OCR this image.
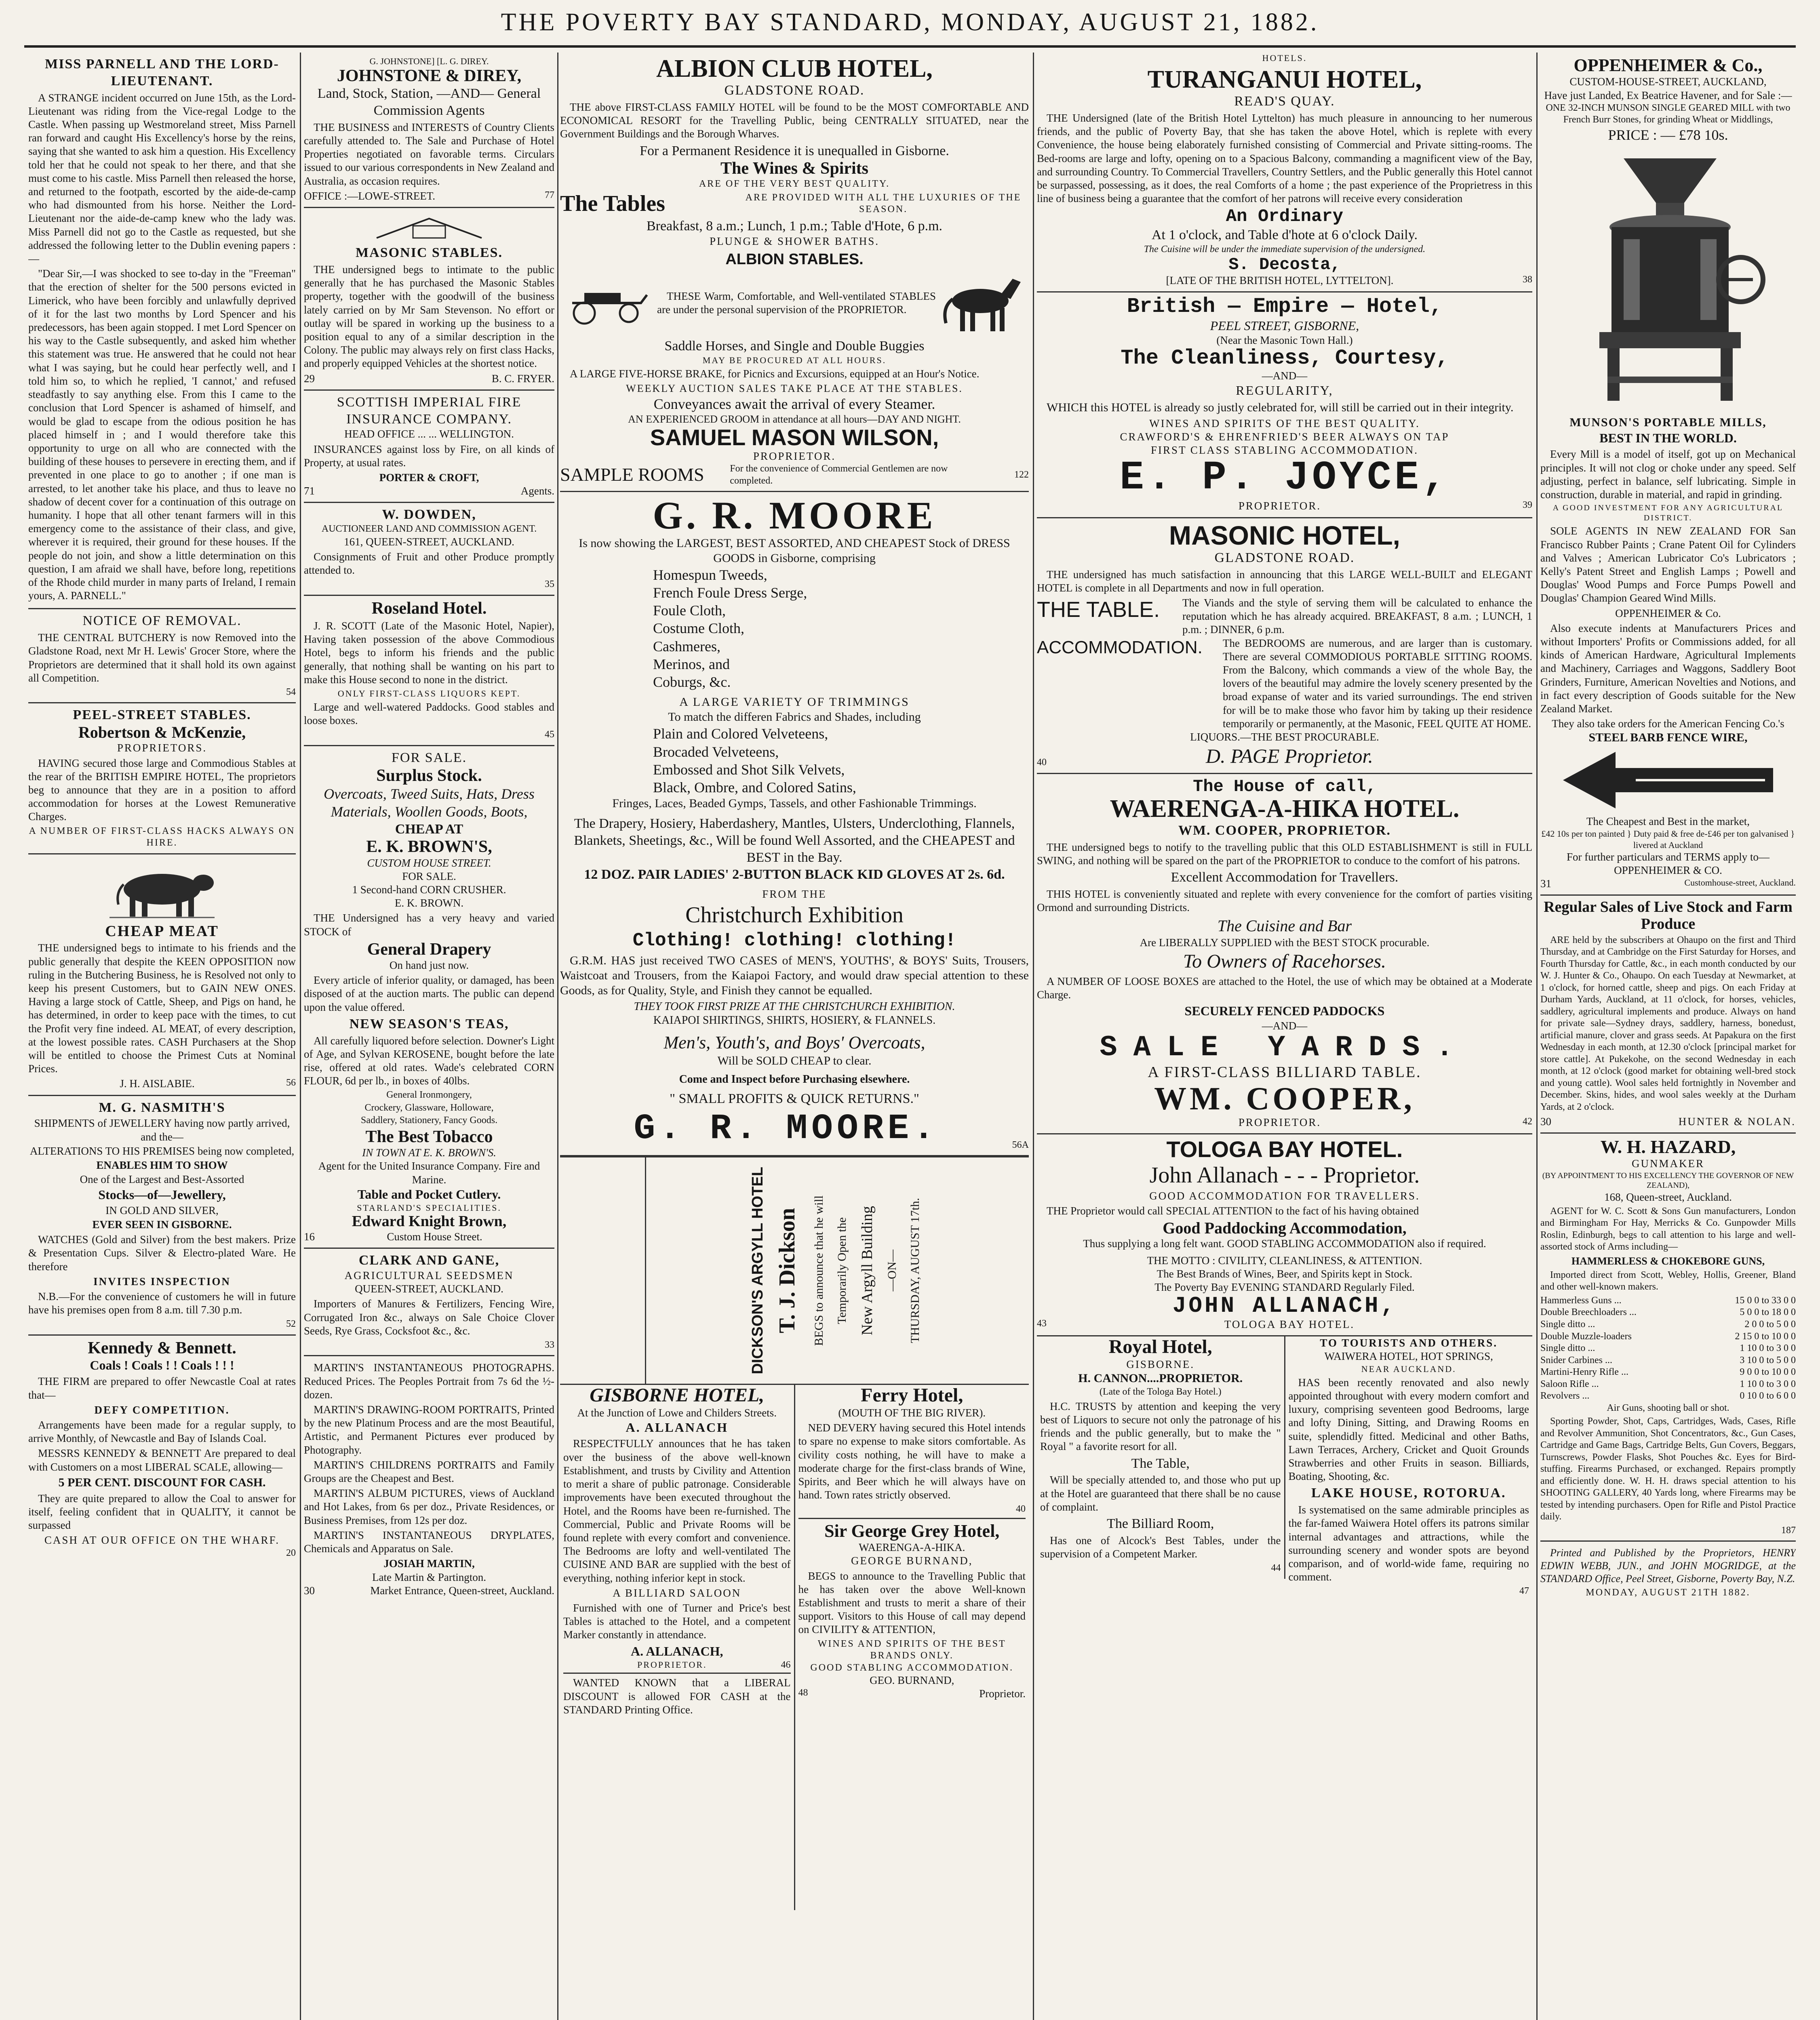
THE POVERTY BAY STANDARD, MONDAY, AUGUST 21, 1882.
MISS PARNELL AND THE LORD-LIEUTENANT.
A STRANGE incident occurred on June 15th, as the Lord-Lieutenant was riding from the Vice-regal Lodge to the Castle. When passing up Westmoreland street, Miss Parnell ran forward and caught His Excellency's horse by the reins, saying that she wanted to ask him a question. His Excellency told her that he could not speak to her there, and that she must come to his castle. Miss Parnell then released the horse, and returned to the footpath, escorted by the aide-de-camp who had dismounted from his horse. Neither the Lord-Lieutenant nor the aide-de-camp knew who the lady was. Miss Parnell did not go to the Castle as requested, but she addressed the following letter to the Dublin evening papers :—
"Dear Sir,—I was shocked to see to-day in the "Freeman" that the erection of shelter for the 500 persons evicted in Limerick, who have been forcibly and unlawfully deprived of it for the last two months by Lord Spencer and his predecessors, has been again stopped. I met Lord Spencer on his way to the Castle subsequently, and asked him whether this statement was true. He answered that he could not hear what I was saying, but he could hear perfectly well, and I told him so, to which he replied, 'I cannot,' and refused steadfastly to say anything else. From this I came to the conclusion that Lord Spencer is ashamed of himself, and would be glad to escape from the odious position he has placed himself in ; and I would therefore take this opportunity to urge on all who are connected with the building of these houses to persevere in erecting them, and if prevented in one place to go to another ; if one man is arrested, to let another take his place, and thus to leave no shadow of decent cover for a continuation of this outrage on humanity. I hope that all other tenant farmers will in this emergency come to the assistance of their class, and give, wherever it is required, their ground for these houses. If the people do not join, and show a little determination on this question, I am afraid we shall have, before long, repetitions of the Rhode child murder in many parts of Ireland, I remain yours, A. PARNELL."
NOTICE OF REMOVAL.
THE CENTRAL BUTCHERY is now Removed into the Gladstone Road, next Mr H. Lewis' Grocer Store, where the Proprietors are determined that it shall hold its own against all Competition.
54
PEEL-STREET STABLES.
Robertson & McKenzie,
PROPRIETORS.
HAVING secured those large and Commodious Stables at the rear of the BRITISH EMPIRE HOTEL, The proprietors beg to announce that they are in a position to afford accommodation for horses at the Lowest Remunerative Charges.
A NUMBER OF FIRST-CLASS HACKS ALWAYS ON HIRE.
CHEAP MEAT
THE undersigned begs to intimate to his friends and the public generally that despite the KEEN OPPOSITION now ruling in the Butchering Business, he is Resolved not only to keep his present Customers, but to GAIN NEW ONES. Having a large stock of Cattle, Sheep, and Pigs on hand, he has determined, in order to keep pace with the times, to cut the Profit very fine indeed. AL MEAT, of every description, at the lowest possible rates. CASH Purchasers at the Shop will be entitled to choose the Primest Cuts at Nominal Prices.
J. H. AISLABIE.	56
M. G. NASMITH'S
SHIPMENTS of JEWELLERY having now partly arrived, and the—
ALTERATIONS TO HIS PREMISES being now completed,
ENABLES HIM TO SHOW
One of the Largest and Best-Assorted
Stocks—of—Jewellery,
IN GOLD AND SILVER,
EVER SEEN IN GISBORNE.
WATCHES (Gold and Silver) from the best makers. Prize & Presentation Cups. Silver & Electro-plated Ware. He therefore
INVITES INSPECTION
N.B.—For the convenience of customers he will in future have his premises open from 8 a.m. till 7.30 p.m.
52
Kennedy & Bennett.
Coals ! Coals ! ! Coals ! ! !
THE FIRM are prepared to offer Newcastle Coal at rates that—
DEFY COMPETITION.
Arrangements have been made for a regular supply, to arrive Monthly, of Newcastle and Bay of Islands Coal.
MESSRS KENNEDY & BENNETT Are prepared to deal with Customers on a most LIBERAL SCALE, allowing—
5 PER CENT. DISCOUNT FOR CASH.
They are quite prepared to allow the Coal to answer for itself, feeling confident that in QUALITY, it cannot be surpassed
CASH AT OUR OFFICE ON THE WHARF.
20
G. JOHNSTONE] [L. G. DIREY.
JOHNSTONE & DIREY,
Land, Stock, Station, —AND— General Commission Agents
THE BUSINESS and INTERESTS of Country Clients carefully attended to. The Sale and Purchase of Hotel Properties negotiated on favorable terms. Circulars issued to our various correspondents in New Zealand and Australia, as occasion requires.
OFFICE :—LOWE-STREET.	77
MASONIC STABLES.
THE undersigned begs to intimate to the public generally that he has purchased the Masonic Stables property, together with the goodwill of the business lately carried on by Mr Sam Stevenson. No effort or outlay will be spared in working up the business to a position equal to any of a similar description in the Colony. The public may always rely on first class Hacks, and properly equipped Vehicles at the shortest notice.
29	B. C. FRYER.
SCOTTISH IMPERIAL FIRE INSURANCE COMPANY.
HEAD OFFICE ... ... WELLINGTON.
INSURANCES against loss by Fire, on all kinds of Property, at usual rates.
PORTER & CROFT,
71	Agents.
W. DOWDEN,
AUCTIONEER LAND AND COMMISSION AGENT.
161, QUEEN-STREET, AUCKLAND.
Consignments of Fruit and other Produce promptly attended to.
35
Roseland Hotel.
J. R. SCOTT (Late of the Masonic Hotel, Napier), Having taken possession of the above Commodious Hotel, begs to inform his friends and the public generally, that nothing shall be wanting on his part to make this House second to none in the district.
ONLY FIRST-CLASS LIQUORS KEPT.
Large and well-watered Paddocks. Good stables and loose boxes.
45
FOR SALE.
Surplus Stock.
Overcoats, Tweed Suits, Hats, Dress Materials, Woollen Goods, Boots,
CHEAP AT
E. K. BROWN'S,
CUSTOM HOUSE STREET.
FOR SALE.
1 Second-hand CORN CRUSHER.
E. K. BROWN.
THE Undersigned has a very heavy and varied STOCK of
General Drapery
On hand just now.
Every article of inferior quality, or damaged, has been disposed of at the auction marts. The public can depend upon the value offered.
NEW SEASON'S TEAS,
All carefully liquored before selection. Downer's Light of Age, and Sylvan KEROSENE, bought before the late rise, offered at old rates. Wade's celebrated CORN FLOUR, 6d per lb., in boxes of 40lbs.
General Ironmongery,
Crockery, Glassware, Holloware,
Saddlery, Stationery, Fancy Goods.
The Best Tobacco
IN TOWN AT E. K. BROWN'S.
Agent for the United Insurance Company. Fire and Marine.
Table and Pocket Cutlery.
STARLAND'S SPECIALITIES.
Edward Knight Brown,
16	Custom House Street.
CLARK AND GANE,
AGRICULTURAL SEEDSMEN
QUEEN-STREET, AUCKLAND.
Importers of Manures & Fertilizers, Fencing Wire, Corrugated Iron &c., always on Sale Choice Clover Seeds, Rye Grass, Cocksfoot &c., &c.
33
MARTIN'S INSTANTANEOUS PHOTOGRAPHS. Reduced Prices. The Peoples Portrait from 7s 6d the ½-dozen.
MARTIN'S DRAWING-ROOM PORTRAITS, Printed by the new Platinum Process and are the most Beautiful, Artistic, and Permanent Pictures ever produced by Photography.
MARTIN'S CHILDRENS PORTRAITS and Family Groups are the Cheapest and Best.
MARTIN'S ALBUM PICTURES, views of Auckland and Hot Lakes, from 6s per doz., Private Residences, or Business Premises, from 12s per doz.
MARTIN'S INSTANTANEOUS DRYPLATES, Chemicals and Apparatus on Sale.
JOSIAH MARTIN,
Late Martin & Partington.
30	Market Entrance, Queen-street, Auckland.
ALBION CLUB HOTEL,
GLADSTONE ROAD.
THE above FIRST-CLASS FAMILY HOTEL will be found to be the MOST COMFORTABLE AND ECONOMICAL RESORT for the Travelling Public, being CENTRALLY SITUATED, near the Government Buildings and the Borough Wharves.
For a Permanent Residence it is unequalled in Gisborne.
The Wines & Spirits
ARE OF THE VERY BEST QUALITY.
The Tables	ARE PROVIDED WITH ALL THE LUXURIES OF THE SEASON.
Breakfast, 8 a.m.; Lunch, 1 p.m.; Table d'Hote, 6 p.m.
PLUNGE & SHOWER BATHS.
ALBION STABLES.
THESE Warm, Comfortable, and Well-ventilated STABLES are under the personal supervision of the PROPRIETOR.
Saddle Horses, and Single and Double Buggies
MAY BE PROCURED AT ALL HOURS.
A LARGE FIVE-HORSE BRAKE, for Picnics and Excursions, equipped at an Hour's Notice.
WEEKLY AUCTION SALES TAKE PLACE AT THE STABLES.
Conveyances await the arrival of every Steamer.
AN EXPERIENCED GROOM in attendance at all hours—DAY AND NIGHT.
SAMUEL MASON WILSON,
PROPRIETOR.
SAMPLE ROOMS	For the convenience of Commercial Gentlemen are now completed.
122
G. R. MOORE
Is now showing the LARGEST, BEST ASSORTED, AND CHEAPEST Stock of DRESS GOODS in Gisborne, comprising
Homespun Tweeds,
French Foule Dress Serge,
Foule Cloth,
Costume Cloth,
Cashmeres,
Merinos, and
Coburgs, &c.
A LARGE VARIETY OF TRIMMINGS
To match the differen Fabrics and Shades, including
Plain and Colored Velveteens,
Brocaded Velveteens,
Embossed and Shot Silk Velvets,
Black, Ombre, and Colored Satins,
Fringes, Laces, Beaded Gymps, Tassels, and other Fashionable Trimmings.
The Drapery, Hosiery, Haberdashery, Mantles, Ulsters, Underclothing, Flannels, Blankets, Sheetings, &c., Will be found Well Assorted, and the CHEAPEST and BEST in the Bay.
12 DOZ. PAIR LADIES' 2-BUTTON BLACK KID GLOVES AT 2s. 6d.
FROM THE
Christchurch Exhibition
Clothing! clothing! clothing!
G.R.M. HAS just received TWO CASES of MEN'S, YOUTHS', & BOYS' Suits, Trousers, Waistcoat and Trousers, from the Kaiapoi Factory, and would draw special attention to these Goods, as for Quality, Style, and Finish they cannot be equalled.
THEY TOOK FIRST PRIZE AT THE CHRISTCHURCH EXHIBITION.
KAIAPOI SHIRTINGS, SHIRTS, HOSIERY, & FLANNELS.
Men's, Youth's, and Boys' Overcoats,
Will be SOLD CHEAP to clear.
Come and Inspect before Purchasing elsewhere.
" SMALL PROFITS & QUICK RETURNS."
G. R. MOORE.	56A
DICKSON'S ARGYLL HOTEL T. J. Dickson BEGS to announce that he will Temporarily Open the New Argyll Building —ON— THURSDAY, AUGUST 17th.
GISBORNE HOTEL,
At the Junction of Lowe and Childers Streets.
A. ALLANACH
RESPECTFULLY announces that he has taken over the business of the above well-known Establishment, and trusts by Civility and Attention to merit a share of public patronage. Considerable improvements have been executed throughout the Hotel, and the Rooms have been re-furnished. The Commercial, Public and Private Rooms will be found replete with every comfort and convenience. The Bedrooms are lofty and well-ventilated The CUISINE AND BAR are supplied with the best of everything, nothing inferior kept in stock.
A BILLIARD SALOON
Furnished with one of Turner and Price's best Tables is attached to the Hotel, and a competent Marker constantly in attendance.
A. ALLANACH,
PROPRIETOR.	46
WANTED KNOWN that a LIBERAL DISCOUNT is allowed FOR CASH at the STANDARD Printing Office.
Ferry Hotel,
(MOUTH OF THE BIG RIVER).
NED DEVERY having secured this Hotel intends to spare no expense to make sitors comfortable. As civility costs nothing, he will have to make a moderate charge for the first-class brands of Wine, Spirits, and Beer which he will always have on hand. Town rates strictly observed.
40
Sir George Grey Hotel,
WAERENGA-A-HIKA.
GEORGE BURNAND,
BEGS to announce to the Travelling Public that he has taken over the above Well-known Establishment and trusts to merit a share of their support. Visitors to this House of call may depend on CIVILITY & ATTENTION,
WINES AND SPIRITS OF THE BEST BRANDS ONLY.
GOOD STABLING ACCOMMODATION.
GEO. BURNAND,
48	Proprietor.
HOTELS.
TURANGANUI HOTEL,
READ'S QUAY.
THE Undersigned (late of the British Hotel Lyttelton) has much pleasure in announcing to her numerous friends, and the public of Poverty Bay, that she has taken the above Hotel, which is replete with every Convenience, the house being elaborately furnished consisting of Commercial and Private sitting-rooms. The Bed-rooms are large and lofty, opening on to a Spacious Balcony, commanding a magnificent view of the Bay, and surrounding Country. To Commercial Travellers, Country Settlers, and the Public generally this Hotel cannot be surpassed, possessing, as it does, the real Comforts of a home ; the past experience of the Proprietress in this line of business being a guarantee that the comfort of her patrons will receive every consideration
An Ordinary
At 1 o'clock, and Table d'hote at 6 o'clock Daily.
The Cuisine will be under the immediate supervision of the undersigned.
S. Decosta,
[LATE OF THE BRITISH HOTEL, LYTTELTON].	38
British — Empire — Hotel,
PEEL STREET, GISBORNE,
(Near the Masonic Town Hall.)
The Cleanliness, Courtesy,
—AND—
REGULARITY,
WHICH this HOTEL is already so justly celebrated for, will still be carried out in their integrity.
WINES AND SPIRITS OF THE BEST QUALITY.
CRAWFORD'S & EHRENFRIED'S BEER ALWAYS ON TAP
FIRST CLASS STABLING ACCOMMODATION.
E. P. JOYCE,
PROPRIETOR.	39
MASONIC HOTEL,
GLADSTONE ROAD.
THE undersigned has much satisfaction in announcing that this LARGE WELL-BUILT and ELEGANT HOTEL is complete in all Departments and now in full operation.
THE TABLE.	The Viands and the style of serving them will be calculated to enhance the reputation which he has already acquired. BREAKFAST, 8 a.m. ; LUNCH, 1 p.m. ; DINNER, 6 p.m.
ACCOMMODATION.	The BEDROOMS are numerous, and are larger than is customary. There are several COMMODIOUS PORTABLE SITTING ROOMS. From the Balcony, which commands a view of the whole Bay, the lovers of the beautiful may admire the lovely scenery presented by the broad expanse of water and its varied surroundings. The end striven for will be to make those who favor him by taking up their residence temporarily or permanently, at the Masonic, FEEL QUITE AT HOME.
LIQUORS.—THE BEST PROCURABLE.
40	D. PAGE Proprietor.
The House of call,
WAERENGA-A-HIKA HOTEL.
WM. COOPER, PROPRIETOR.
THE undersigned begs to notify to the travelling public that this OLD ESTABLISHMENT is still in FULL SWING, and nothing will be spared on the part of the PROPRIETOR to conduce to the comfort of his patrons.
Excellent Accommodation for Travellers.
THIS HOTEL is conveniently situated and replete with every convenience for the comfort of parties visiting Ormond and surrounding Districts.
The Cuisine and Bar
Are LIBERALLY SUPPLIED with the BEST STOCK procurable.
To Owners of Racehorses.
A NUMBER OF LOOSE BOXES are attached to the Hotel, the use of which may be obtained at a Moderate Charge.
SECURELY FENCED PADDOCKS
—AND—
SALE YARDS.
A FIRST-CLASS BILLIARD TABLE.
WM. COOPER,
PROPRIETOR.	42
TOLOGA BAY HOTEL.
John Allanach - - - Proprietor.
GOOD ACCOMMODATION FOR TRAVELLERS.
THE Proprietor would call SPECIAL ATTENTION to the fact of his having obtained
Good Paddocking Accommodation,
Thus supplying a long felt want. GOOD STABLING ACCOMMODATION also if required.
THE MOTTO : CIVILITY, CLEANLINESS, & ATTENTION.
The Best Brands of Wines, Beer, and Spirits kept in Stock.
The Poverty Bay EVENING STANDARD Regularly Filed.
JOHN ALLANACH,
43	TOLOGA BAY HOTEL.
Royal Hotel,
GISBORNE.
H. CANNON....PROPRIETOR.
(Late of the Tologa Bay Hotel.)
H.C. TRUSTS by attention and keeping the very best of Liquors to secure not only the patronage of his friends and the public generally, but to make the " Royal " a favorite resort for all.
The Table,
Will be specially attended to, and those who put up at the Hotel are guaranteed that there shall be no cause of complaint.
The Billiard Room,
Has one of Alcock's Best Tables, under the supervision of a Competent Marker.
44
TO TOURISTS AND OTHERS.
WAIWERA HOTEL, HOT SPRINGS,
NEAR AUCKLAND.
HAS been recently renovated and also newly appointed throughout with every modern comfort and luxury, comprising seventeen good Bedrooms, large and lofty Dining, Sitting, and Drawing Rooms en suite, splendidly fitted. Medicinal and other Baths, Lawn Terraces, Archery, Cricket and Quoit Grounds Strawberries and other Fruits in season. Billiards, Boating, Shooting, &c.
LAKE HOUSE, ROTORUA.
Is systematised on the same admirable principles as the far-famed Waiwera Hotel offers its patrons similar internal advantages and attractions, while the surrounding scenery and wonder spots are beyond comparison, and of world-wide fame, requiring no comment.
47
OPPENHEIMER & Co.,
CUSTOM-HOUSE-STREET, AUCKLAND,
Have just Landed, Ex Beatrice Havener, and for Sale :—
ONE 32-INCH MUNSON SINGLE GEARED MILL with two French Burr Stones, for grinding Wheat or Middlings,
PRICE : — £78 10s.
MUNSON'S PORTABLE MILLS,
BEST IN THE WORLD.
Every Mill is a model of itself, got up on Mechanical principles. It will not clog or choke under any speed. Self adjusting, perfect in balance, self lubricating. Simple in construction, durable in material, and rapid in grinding.
A GOOD INVESTMENT FOR ANY AGRICULTURAL DISTRICT.
SOLE AGENTS IN NEW ZEALAND FOR San Francisco Rubber Paints ; Crane Patent Oil for Cylinders and Valves ; American Lubricator Co's Lubricators ; Kelly's Patent Street and English Lamps ; Powell and Douglas' Wood Pumps and Force Pumps Powell and Douglas' Champion Geared Wind Mills.
OPPENHEIMER & Co.
Also execute indents at Manufacturers Prices and without Importers' Profits or Commissions added, for all kinds of American Hardware, Agricultural Implements and Machinery, Carriages and Waggons, Saddlery Boot Grinders, Furniture, American Novelties and Notions, and in fact every description of Goods suitable for the New Zealand Market.
They also take orders for the American Fencing Co.'s
STEEL BARB FENCE WIRE,
The Cheapest and Best in the market,
£42 10s per ton painted } Duty paid & free de-£46 per ton galvanised } livered at Auckland
For further particulars and TERMS apply to—
OPPENHEIMER & CO.
31	Customhouse-street, Auckland.
Regular Sales of Live Stock and Farm Produce
ARE held by the subscribers at Ohaupo on the first and Third Thursday, and at Cambridge on the First Saturday for Horses, and Fourth Thursday for Cattle, &c., in each month conducted by our W. J. Hunter & Co., Ohaupo. On each Tuesday at Newmarket, at 1 o'clock, for horned cattle, sheep and pigs. On each Friday at Durham Yards, Auckland, at 11 o'clock, for horses, vehicles, saddlery, agricultural implements and produce. Always on hand for private sale—Sydney drays, saddlery, harness, bonedust, artificial manure, clover and grass seeds. At Papakura on the first Wednesday in each month, at 12.30 o'clock [principal market for store cattle]. At Pukekohe, on the second Wednesday in each month, at 12 o'clock (good market for obtaining well-bred stock and young cattle). Wool sales held fortnightly in November and December. Skins, hides, and wool sales weekly at the Durham Yards, at 2 o'clock.
30	HUNTER & NOLAN.
W. H. HAZARD,
GUNMAKER
(BY APPOINTMENT TO HIS EXCELLENCY THE GOVERNOR OF NEW ZEALAND),
168, Queen-street, Auckland.
AGENT for W. C. Scott & Sons Gun manufacturers, London and Birmingham For Hay, Merricks & Co. Gunpowder Mills Roslin, Edinburgh, begs to call attention to his large and well-assorted stock of Arms including—
HAMMERLESS & CHOKEBORE GUNS,
Imported direct from Scott, Webley, Hollis, Greener, Bland and other well-known makers.
Hammerless Guns ...	15 0 0 to 33 0 0
Double Breechloaders ...	5 0 0 to 18 0 0
Single ditto ...	2 0 0 to 5 0 0
Double Muzzle-loaders	2 15 0 to 10 0 0
Single ditto ...	1 10 0 to 3 0 0
Snider Carbines ...	3 10 0 to 5 0 0
Martini-Henry Rifle ...	9 0 0 to 10 0 0
Saloon Rifle ...	1 10 0 to 3 0 0
Revolvers ...	0 10 0 to 6 0 0
Air Guns, shooting ball or shot.
Sporting Powder, Shot, Caps, Cartridges, Wads, Cases, Rifle and Revolver Ammunition, Shot Concentrators, &c., Gun Cases, Cartridge and Game Bags, Cartridge Belts, Gun Covers, Beggars, Turnscrews, Powder Flasks, Shot Pouches &c. Eyes for Bird-stuffing. Firearms Purchased, or exchanged. Repairs promptly and efficiently done. W. H. H. draws special attention to his SHOOTING GALLERY, 40 Yards long, where Firearms may be tested by intending purchasers. Open for Rifle and Pistol Practice daily.
187
Printed and Published by the Proprietors, HENRY EDWIN WEBB, JUN., and JOHN MOGRIDGE, at the STANDARD Office, Peel Street, Gisborne, Poverty Bay, N.Z.
MONDAY, AUGUST 21TH 1882.
